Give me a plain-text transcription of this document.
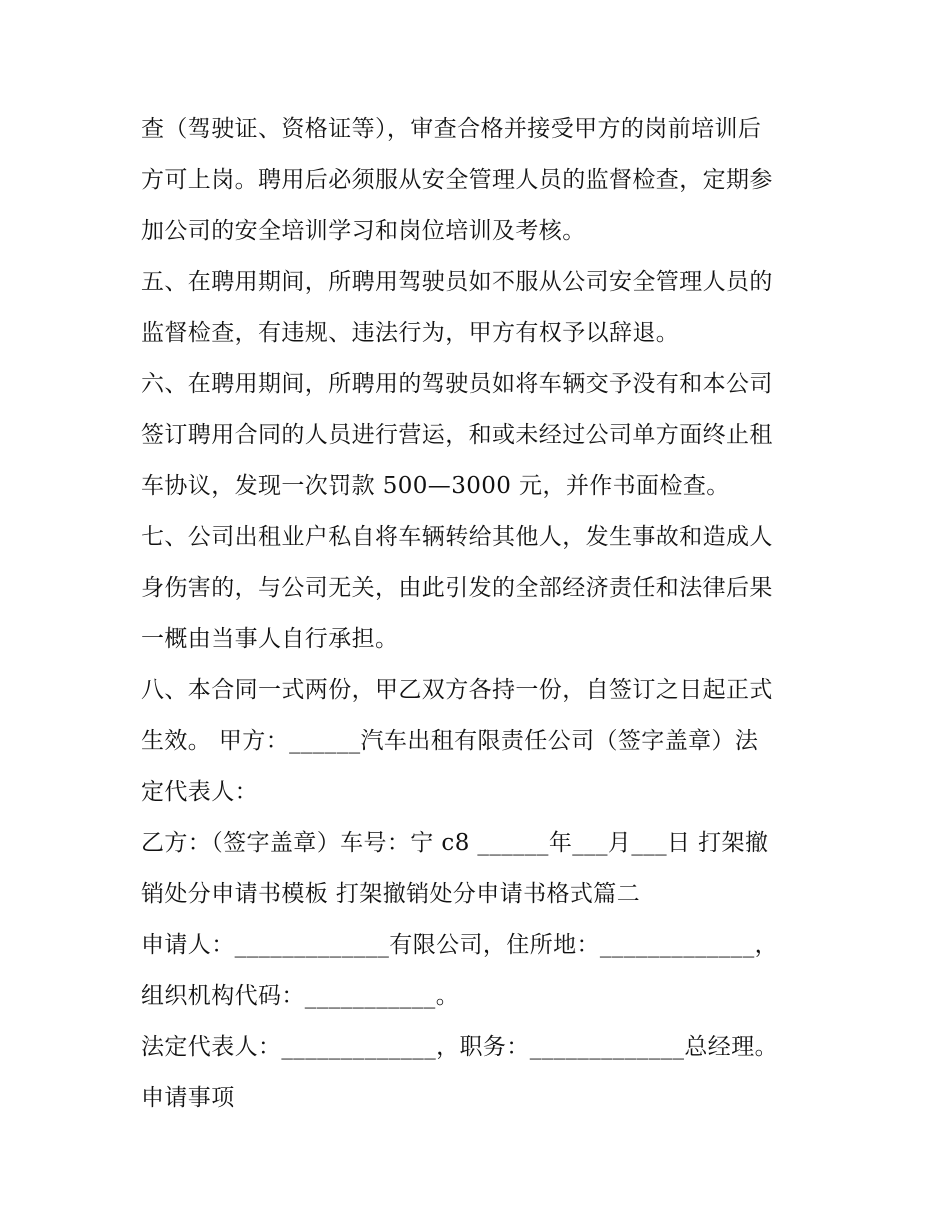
查（驾驶证、资格证等），审查合格并接受甲方的岗前培训后
方可上岗。聘用后必须服从安全管理人员的监督检查，定期参
加公司的安全培训学习和岗位培训及考核。
五、在聘用期间，所聘用驾驶员如不服从公司安全管理人员的
监督检查，有违规、违法行为，甲方有权予以辞退。
六、在聘用期间，所聘用的驾驶员如将车辆交予没有和本公司
签订聘用合同的人员进行营运，和或未经过公司单方面终止租
车协议，发现一次罚款 500—3000 元，并作书面检查。
七、公司出租业户私自将车辆转给其他人，发生事故和造成人
身伤害的，与公司无关，由此引发的全部经济责任和法律后果
一概由当事人自行承担。
八、本合同一式两份，甲乙双方各持一份，自签订之日起正式
生效。 甲方：______汽车出租有限责任公司（签字盖章）法
定代表人：
乙方：（签字盖章）车号：宁 c8 ______年___月___日 打架撤
销处分申请书模板 打架撤销处分申请书格式篇二
申请人：_____________有限公司，住所地：_____________，
组织机构代码：___________。
法定代表人：_____________，职务：_____________总经理。
申请事项
